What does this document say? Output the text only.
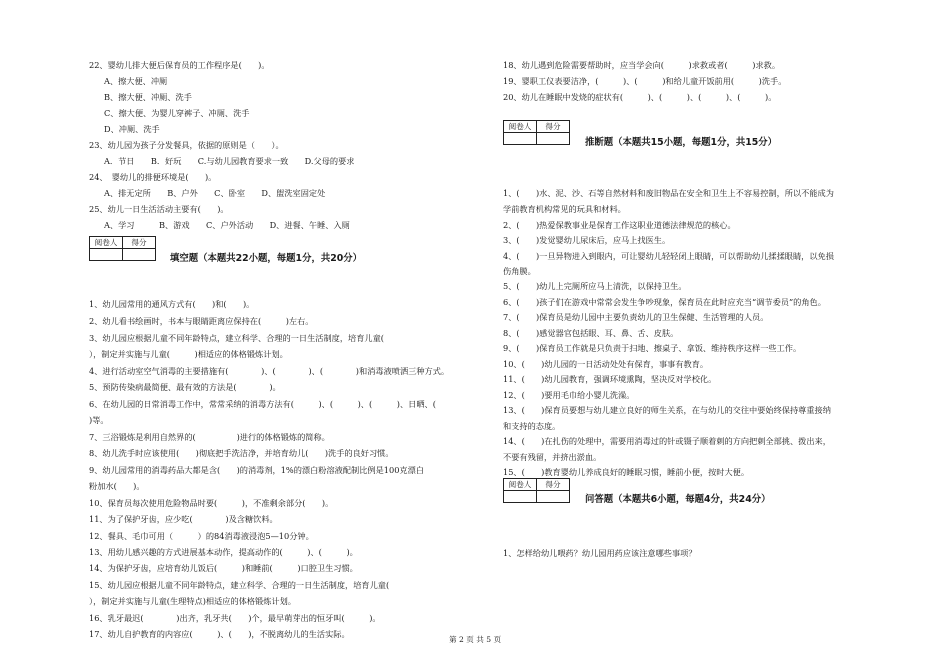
22、婴幼儿排大便后保育员的工作程序是(　　)。
A、擦大便、冲厕
B、擦大便、冲厕、洗手
C、擦大便、为婴儿穿裤子、冲厕、洗手
D、冲厕、洗手
23、幼儿园为孩子分发餐具，依据的原则是（　　）。
A．节日　　B．好玩　　C.与幼儿园教育要求一致　　D.父母的要求
24、　婴幼儿的排便环境是(　　)。
A、排无定所　　B、户外　　C、卧室　　D、盥洗室固定处
25、幼儿一日生活活动主要有(　　)。
A、学习　　　B、游戏　　C、户外活动　　D、进餐、午睡、入厕
阅卷人	得分

填空题（本题共22小题，每题1分，共20分）
1、幼儿园常用的通风方式有(　　)和(　　)。
2、幼儿看书绘画时，书本与眼睛距离应保持在(　　　)左右。
3、幼儿园应根据儿童不同年龄特点，建立科学、合理的一日生活制度，培育儿童(　　　
），制定并实施与儿童(　　　)相适应的体格锻炼计划。
4、进行活动室空气消毒的主要措施有(　　　　)、(　　　　)、(　　　　)和消毒液喷洒三种方式。
5、预防传染病最简便、最有效的方法是(　　　　)。
6、在幼儿园的日常消毒工作中，常常采纳的消毒方法有(　　　)、(　　　)、(　　　)、日晒、(　　
)等。
7、三浴锻炼是利用自然界的(　　　　　)进行的体格锻炼的简称。
8、幼儿洗手时应该使用(　　)彻底把手洗洁净，并培育幼儿(　　)洗手的良好习惯。
9、幼儿园常用的消毒药品大都是含(　　)的消毒剂，1%的漂白粉溶液配制比例是100克漂白
粉加水(　　)。
10、保育员每次使用危险物品时要(　　　)，不准剩余部分(　　)。
11、为了保护牙齿，应少吃(　　　　)及含糖饮料。
12、餐具、毛巾可用（　　　）的84消毒液浸泡5—10分钟。
13、用幼儿感兴趣的方式进展基本动作，提高动作的(　　　)、(　　　)。
14、为保护牙齿，应培育幼儿饭后(　　　)和睡前(　　　)口腔卫生习惯。
15、幼儿园应根据儿童不同年龄特点，建立科学、合理的一日生活制度，培育儿童(　　　
），制定并实施与儿童(生理特点)相适应的体格锻炼计划。
16、乳牙最迟(　　　　)出齐，乳牙共(　　)个，最早萌芽出的恒牙叫(　　　)。
17、幼儿自护教育的内容应(　　　)、(　　)，不脱离幼儿的生活实际。
18、幼儿遇到危险需要帮助时，应当学会向(　　　)求救或者(　　　)求救。
19、婴职工仪表要洁净，(　　　)、(　　　)和给儿童开饭前用(　　　)洗手。
20、幼儿在睡眠中发烧的症状有(　　　)、(　　　)、(　　　)、(　　　)。
阅卷人	得分

推断题（本题共15小题，每题1分，共15分）
1、(　　)水、泥、沙、石等自然材料和废旧物品在安全和卫生上不容易控制，所以不能成为
学前教育机构常见的玩具和材料。
2、(　　)热爱保教事业是保育工作这职业道德法律规范的核心。
3、(　　)发觉婴幼儿尿床后，应马上找医生。
4、(　　)一旦异物进入到眼内，可让婴幼儿轻轻闭上眼睛，可以帮助幼儿揉揉眼睛，以免损
伤角膜。
5、(　　)幼儿上完厕所应马上清洗，以保持卫生。
6、(　　)孩子们在游戏中常常会发生争吵现象，保育员在此时应充当“调节委员”的角色。
7、(　　)保育员是幼儿园中主要负责幼儿的卫生保健、生活管理的人员。
8、(　　)感觉器官包括眼、耳、鼻、舌、皮肤。
9、(　　)保育员工作就是只负责于扫地、擦桌子、拿饭、维持秩序这样一些工作。
10、(　　)幼儿园的一日活动处处有保育，事事有教育。
11、(　　)幼儿园教育，强调环境熏陶，坚决反对学校化。
12、(　　)要用毛巾给小婴儿洗澡。
13、(　　)保育员要想与幼儿建立良好的师生关系，在与幼儿的交往中要始终保持尊重接纳
和支持的态度。
14、(　　)在扎伤的处理中，需要用消毒过的针或镊子顺着刺的方向把刺全部挑、拨出来，
不要有残留，并挤出淤血。
15、(　　)教育婴幼儿养成良好的睡眠习惯，睡前小便，按时大便。
阅卷人	得分

问答题（本题共6小题，每题4分，共24分）
1、怎样给幼儿喂药？幼儿园用药应该注意哪些事项？
第 2 页 共 5 页
